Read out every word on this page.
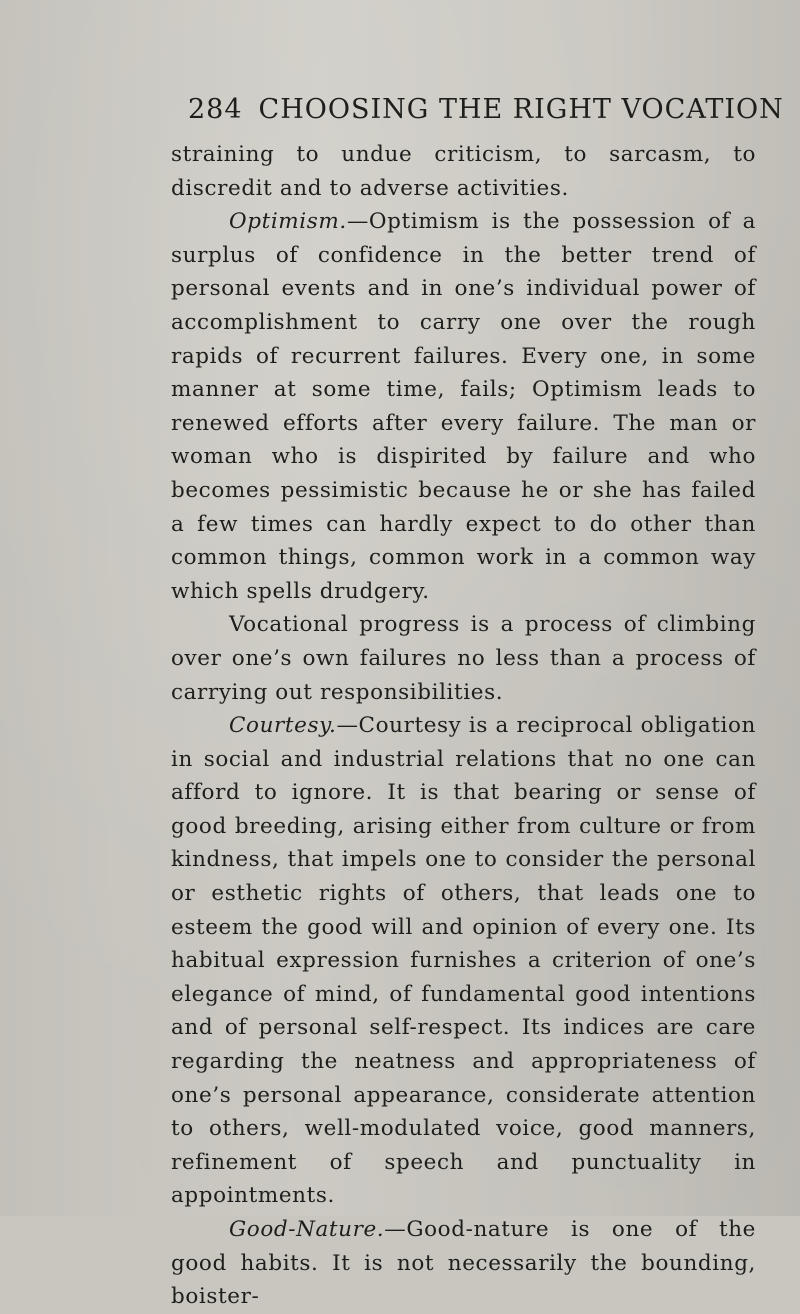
284 CHOOSING THE RIGHT VOCATION

straining to undue criticism, to sarcasm, to discredit and to adverse activities.

Optimism.—Optimism is the possession of a surplus of confidence in the better trend of personal events and in one’s individual power of accomplishment to carry one over the rough rapids of recurrent failures. Every one, in some manner at some time, fails; Optimism leads to renewed efforts after every failure. The man or woman who is dispirited by failure and who becomes pessimistic because he or she has failed a few times can hardly expect to do other than common things, common work in a common way which spells drudgery.

Vocational progress is a process of climbing over one’s own failures no less than a process of carrying out responsibilities.

Courtesy.—Courtesy is a reciprocal obligation in social and industrial relations that no one can afford to ignore. It is that bearing or sense of good breeding, arising either from culture or from kindness, that impels one to consider the personal or esthetic rights of others, that leads one to esteem the good will and opinion of every one. Its habitual expression furnishes a criterion of one’s elegance of mind, of fundamental good intentions and of personal self-respect. Its indices are care regarding the neatness and appropriateness of one’s personal appearance, considerate attention to others, well-modulated voice, good manners, refinement of speech and punctuality in appointments.

Good-Nature.—Good-nature is one of the good habits. It is not necessarily the bounding, boister-
